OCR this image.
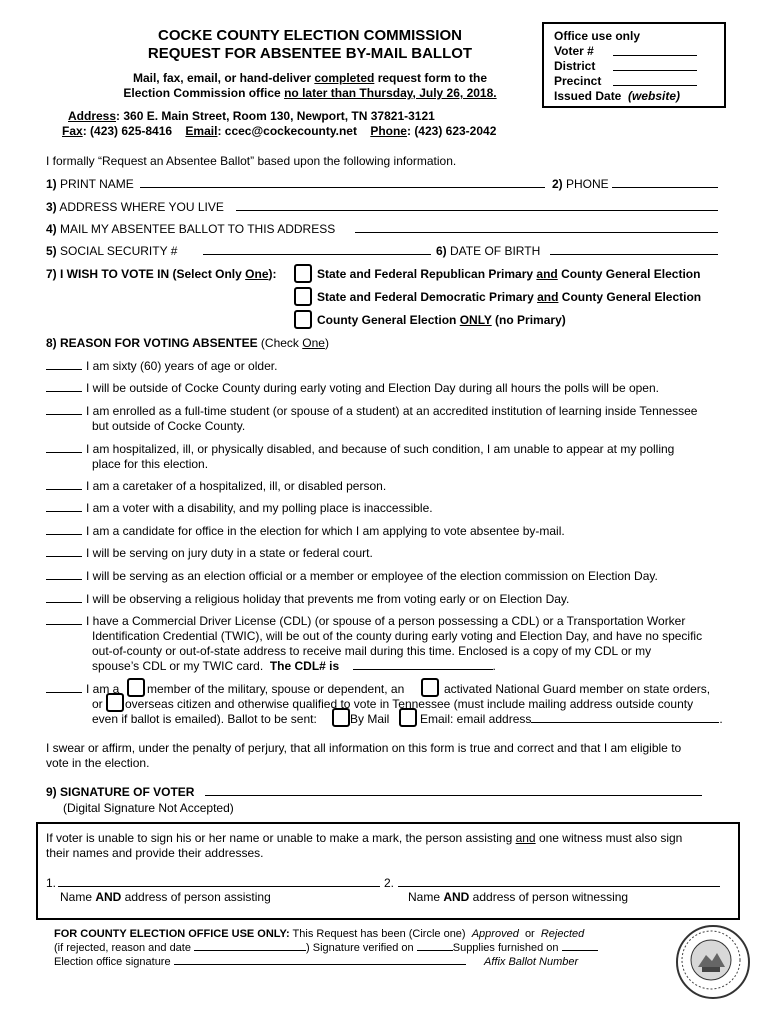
COCKE COUNTY ELECTION COMMISSION
REQUEST FOR ABSENTEE BY-MAIL BALLOT
Mail, fax, email, or hand-deliver completed request form to the
Election Commission office no later than Thursday, July 26, 2018.
Office use only
Voter #
District
Precinct
Issued Date (website)
Address: 360 E. Main Street, Room 130, Newport, TN 37821-3121
Fax: (423) 625-8416 Email: ccec@cockecounty.net Phone: (423) 623-2042
I formally “Request an Absentee Ballot” based upon the following information.
1) PRINT NAME	2) PHONE
3) ADDRESS WHERE YOU LIVE
4) MAIL MY ABSENTEE BALLOT TO THIS ADDRESS
5) SOCIAL SECURITY #	6) DATE OF BIRTH
7) I WISH TO VOTE IN (Select Only One):	State and Federal Republican Primary and County General Election
State and Federal Democratic Primary and County General Election
County General Election ONLY (no Primary)
8) REASON FOR VOTING ABSENTEE (Check One)
I am sixty (60) years of age or older.
I will be outside of Cocke County during early voting and Election Day during all hours the polls will be open.
I am enrolled as a full-time student (or spouse of a student) at an accredited institution of learning inside Tennessee
but outside of Cocke County.
I am hospitalized, ill, or physically disabled, and because of such condition, I am unable to appear at my polling
place for this election.
I am a caretaker of a hospitalized, ill, or disabled person.
I am a voter with a disability, and my polling place is inaccessible.
I am a candidate for office in the election for which I am applying to vote absentee by-mail.
I will be serving on jury duty in a state or federal court.
I will be serving as an election official or a member or employee of the election commission on Election Day.
I will be observing a religious holiday that prevents me from voting early or on Election Day.
I have a Commercial Driver License (CDL) (or spouse of a person possessing a CDL) or a Transportation Worker
Identification Credential (TWIC), will be out of the county during early voting and Election Day, and have no specific
out-of-county or out-of-state address to receive mail during this time. Enclosed is a copy of my CDL or my
spouse’s CDL or my TWIC card. The CDL# is	.
I am a member of the military, spouse or dependent, an	activated National Guard member on state orders,
or overseas citizen and otherwise qualified to vote in Tennessee (must include mailing address outside county
even if ballot is emailed). Ballot to be sent:	By Mail	Email: email address	.
I swear or affirm, under the penalty of perjury, that all information on this form is true and correct and that I am eligible to
vote in the election.
9) SIGNATURE OF VOTER
(Digital Signature Not Accepted)
If voter is unable to sign his or her name or unable to make a mark, the person assisting and one witness must also sign
their names and provide their addresses.
1.	2.
Name AND address of person assisting	Name AND address of person witnessing
FOR COUNTY ELECTION OFFICE USE ONLY: This Request has been (Circle one) Approved or Rejected
(if rejected, reason and date	) Signature verified on	Supplies furnished on
Election office signature	Affix Ballot Number
